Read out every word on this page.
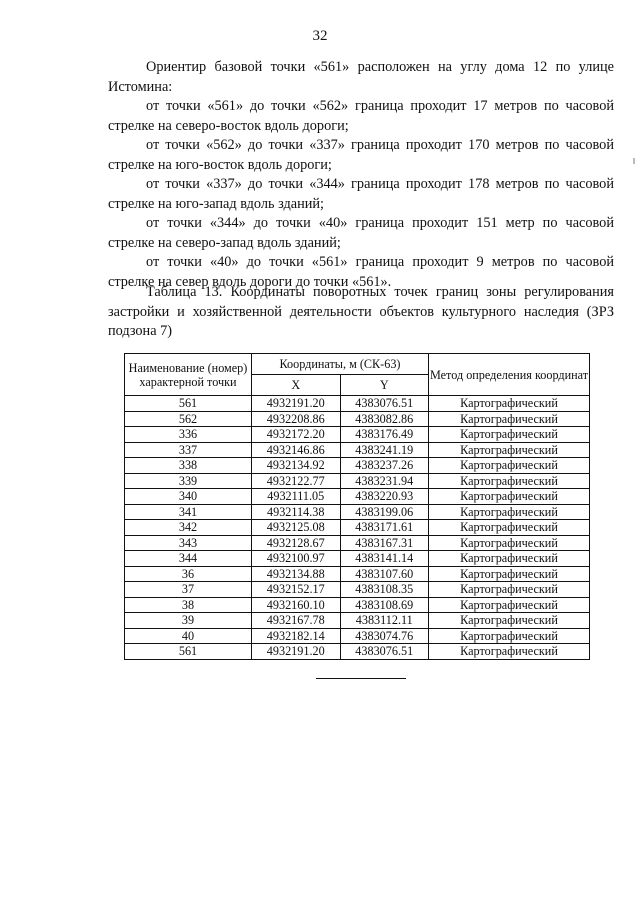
32

Ориентир базовой точки «561» расположен на углу дома 12 по улице Истомина:

от точки «561» до точки «562» граница проходит 17 метров по часовой стрелке на северо-восток вдоль дороги;

от точки «562» до точки «337» граница проходит 170 метров по часовой стрелке на юго-восток вдоль дороги;

от точки «337» до точки «344» граница проходит 178 метров по часовой стрелке на юго-запад вдоль зданий;

от точки «344» до точки «40» граница проходит 151 метр по часовой стрелке на северо-запад вдоль зданий;

от точки «40» до точки «561» граница проходит 9 метров по часовой стрелке на север вдоль дороги до точки «561».

Таблица 13. Координаты поворотных точек границ зоны регулирования застройки и хозяйственной деятельности объектов культурного наследия (ЗРЗ подзона 7)

Наименование (номер) характерной точки	Координаты, м (СК-63)		Метод определения координат
	X	Y	
561	4932191.20	4383076.51	Картографический
562	4932208.86	4383082.86	Картографический
336	4932172.20	4383176.49	Картографический
337	4932146.86	4383241.19	Картографический
338	4932134.92	4383237.26	Картографический
339	4932122.77	4383231.94	Картографический
340	4932111.05	4383220.93	Картографический
341	4932114.38	4383199.06	Картографический
342	4932125.08	4383171.61	Картографический
343	4932128.67	4383167.31	Картографический
344	4932100.97	4383141.14	Картографический
36	4932134.88	4383107.60	Картографический
37	4932152.17	4383108.35	Картографический
38	4932160.10	4383108.69	Картографический
39	4932167.78	4383112.11	Картографический
40	4932182.14	4383074.76	Картографический
561	4932191.20	4383076.51	Картографический
